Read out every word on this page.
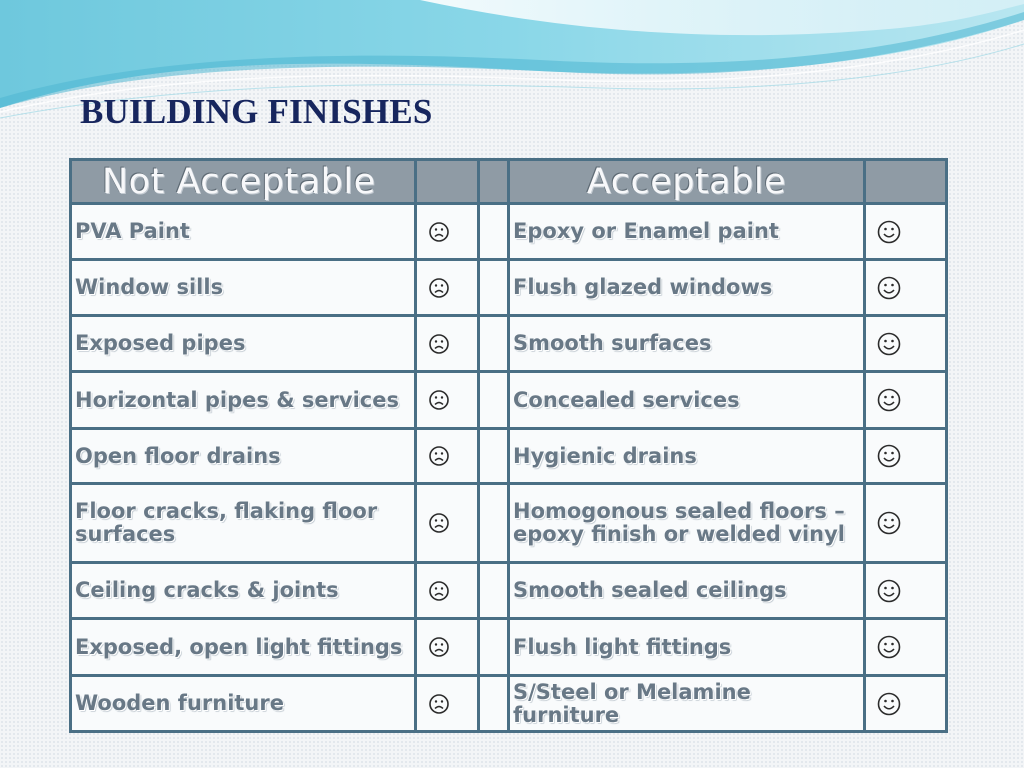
BUILDING FINISHES
Not Acceptable			Acceptable	
PVA Paint			Epoxy or Enamel paint	

Window sills			Flush glazed windows	

Exposed pipes			Smooth surfaces	

Horizontal pipes & services			Concealed services	

Open floor drains			Hygienic drains	

Floor cracks, flaking floor surfaces			Homogonous sealed floors – epoxy finish or welded vinyl	

Ceiling cracks & joints			Smooth sealed ceilings	

Exposed, open light fittings			Flush light fittings	

Wooden furniture			S/Steel or Melamine furniture	
